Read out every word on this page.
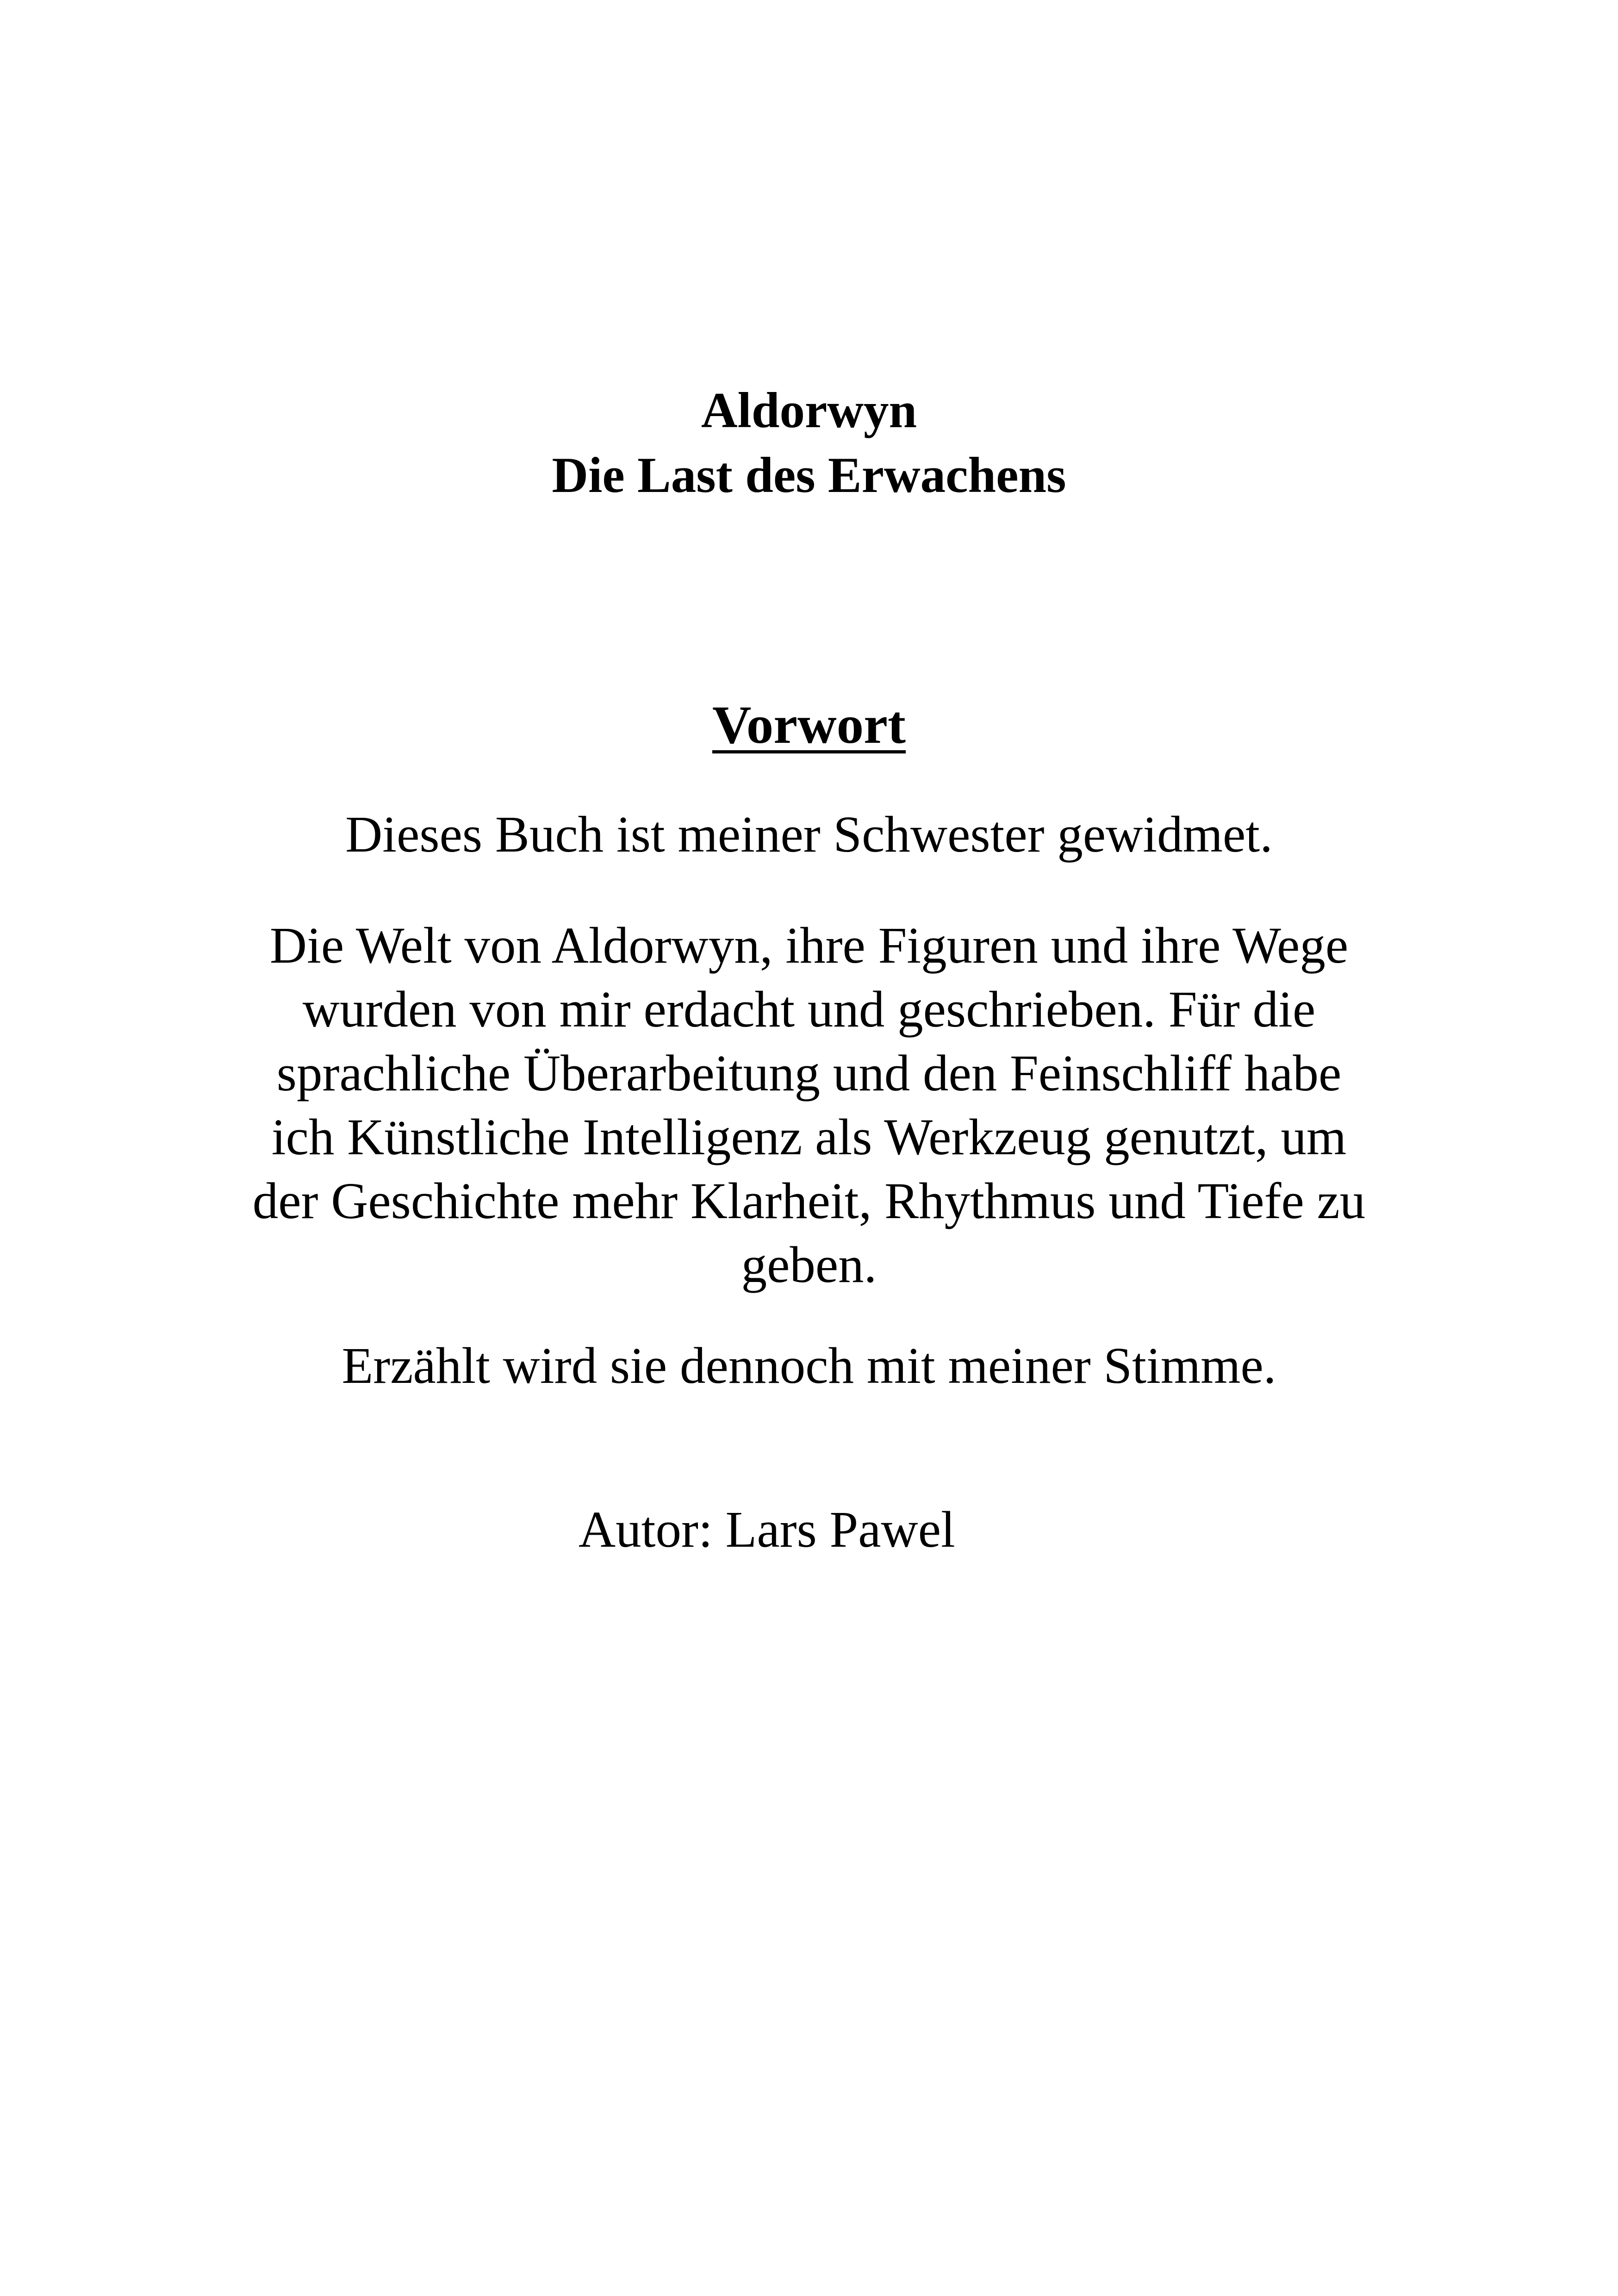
Aldorwyn
Die Last des Erwachens
Vorwort
Dieses Buch ist meiner Schwester gewidmet.
Die Welt von Aldorwyn, ihre Figuren und ihre Wege
wurden von mir erdacht und geschrieben. Für die
sprachliche Überarbeitung und den Feinschliff habe
ich Künstliche Intelligenz als Werkzeug genutzt, um
der Geschichte mehr Klarheit, Rhythmus und Tiefe zu
geben.
Erzählt wird sie dennoch mit meiner Stimme.
Autor: Lars Pawel
